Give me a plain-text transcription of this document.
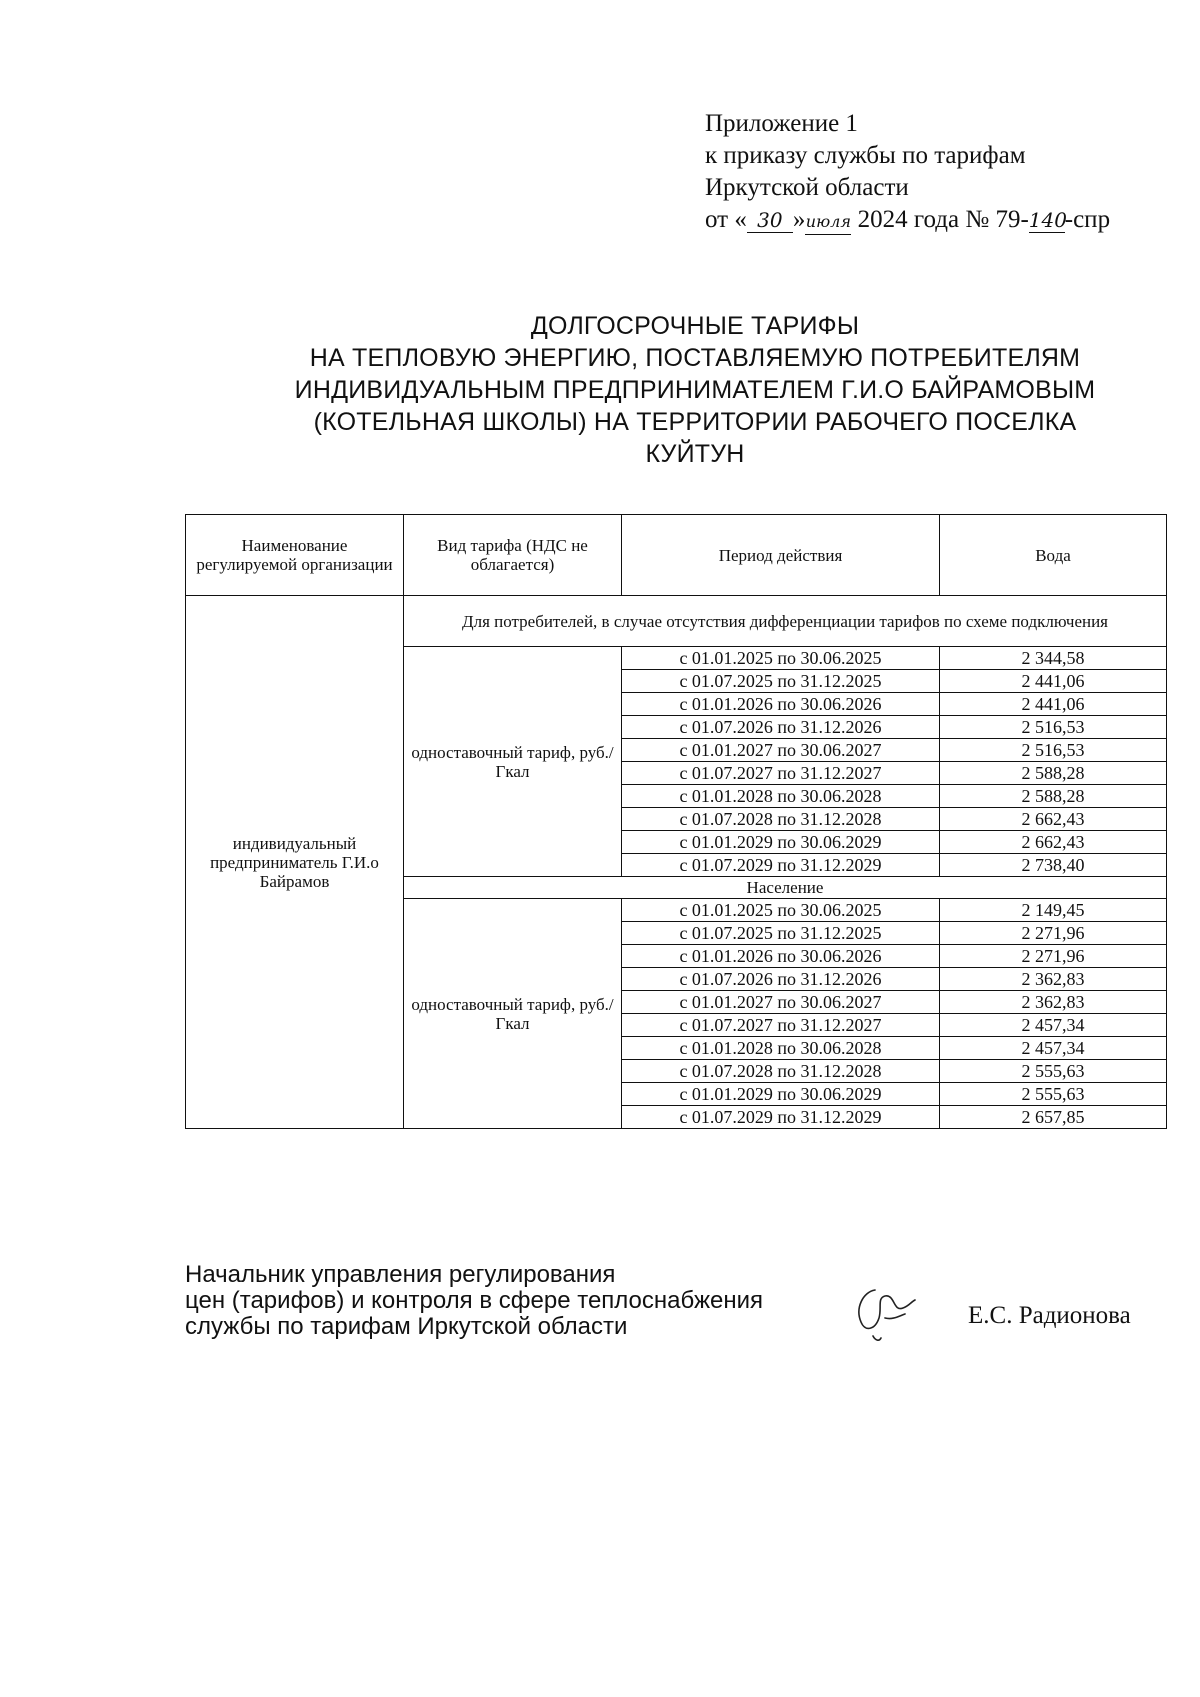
Приложение 1
к приказу службы по тарифам
Иркутской области
от « 30 »июля 2024 года № 79-140-спр
ДОЛГОСРОЧНЫЕ ТАРИФЫ
НА ТЕПЛОВУЮ ЭНЕРГИЮ, ПОСТАВЛЯЕМУЮ ПОТРЕБИТЕЛЯМ
ИНДИВИДУАЛЬНЫМ ПРЕДПРИНИМАТЕЛЕМ Г.И.О БАЙРАМОВЫМ
(КОТЕЛЬНАЯ ШКОЛЫ) НА ТЕРРИТОРИИ РАБОЧЕГО ПОСЕЛКА
КУЙТУН
Наименование регулируемой организации	Вид тарифа (НДС не облагается)	Период действия	Вода
индивидуальный предприниматель Г.И.о Байрамов	Для потребителей, в случае отсутствия дифференциации тарифов по схеме подключения		
	одноставочный тариф, руб./Гкал	с 01.01.2025 по 30.06.2025	2 344,58
		с 01.07.2025 по 31.12.2025	2 441,06
		с 01.01.2026 по 30.06.2026	2 441,06
		с 01.07.2026 по 31.12.2026	2 516,53
		с 01.01.2027 по 30.06.2027	2 516,53
		с 01.07.2027 по 31.12.2027	2 588,28
		с 01.01.2028 по 30.06.2028	2 588,28
		с 01.07.2028 по 31.12.2028	2 662,43
		с 01.01.2029 по 30.06.2029	2 662,43
		с 01.07.2029 по 31.12.2029	2 738,40
	Население		
	одноставочный тариф, руб./Гкал	с 01.01.2025 по 30.06.2025	2 149,45
		с 01.07.2025 по 31.12.2025	2 271,96
		с 01.01.2026 по 30.06.2026	2 271,96
		с 01.07.2026 по 31.12.2026	2 362,83
		с 01.01.2027 по 30.06.2027	2 362,83
		с 01.07.2027 по 31.12.2027	2 457,34
		с 01.01.2028 по 30.06.2028	2 457,34
		с 01.07.2028 по 31.12.2028	2 555,63
		с 01.01.2029 по 30.06.2029	2 555,63
		с 01.07.2029 по 31.12.2029	2 657,85
Начальник управления регулирования
цен (тарифов) и контроля в сфере теплоснабжения
службы по тарифам Иркутской области	Е.С. Радионова
